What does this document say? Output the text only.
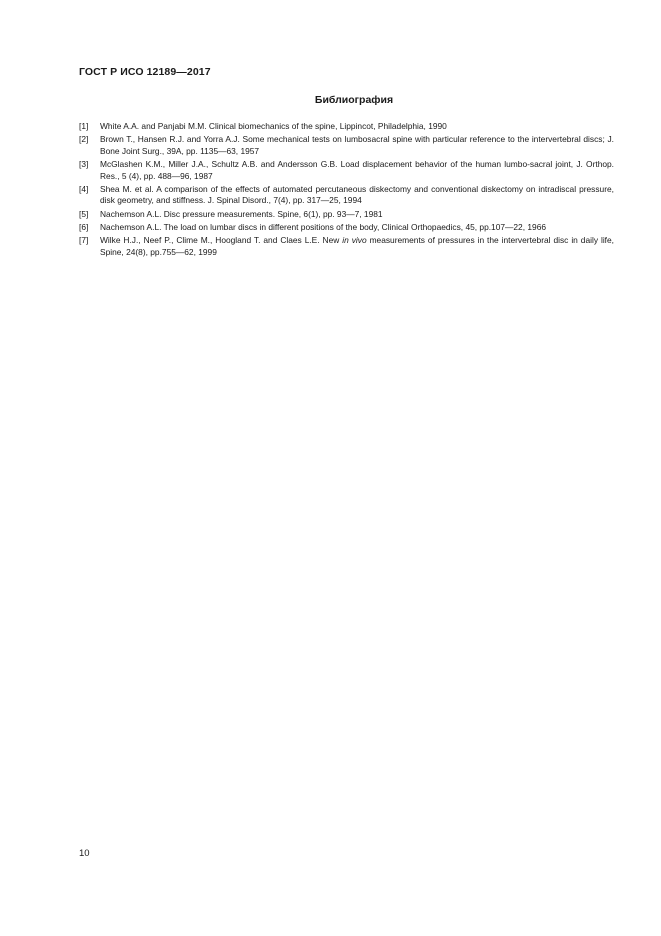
ГОСТ Р ИСО 12189—2017
Библиография
[1]	White A.A. and Panjabi M.M. Clinical biomechanics of the spine, Lippincot, Philadelphia, 1990
[2]	Brown T., Hansen R.J. and Yorra A.J. Some mechanical tests on lumbosacral spine with particular reference to the intervertebral discs; J. Bone Joint Surg., 39A, pp. 1135—63, 1957
[3]	McGlashen K.M., Miller J.A., Schultz A.B. and Andersson G.B. Load displacement behavior of the human lumbo-sacral joint, J. Orthop. Res., 5 (4), pp. 488—96, 1987
[4]	Shea M. et al. A comparison of the effects of automated percutaneous diskectomy and conventional diskectomy on intradiscal pressure, disk geometry, and stiffness. J. Spinal Disord., 7(4), pp. 317—25, 1994
[5]	Nachemson A.L. Disc pressure measurements. Spine, 6(1), pp. 93—7, 1981
[6]	Nachemson A.L. The load on lumbar discs in different positions of the body, Clinical Orthopaedics, 45, pp.107—22, 1966
[7]	Wilke H.J., Neef P., Clime M., Hoogland T. and Claes L.E. New in vivo measurements of pressures in the intervertebral disc in daily life, Spine, 24(8), pp.755—62, 1999
10
